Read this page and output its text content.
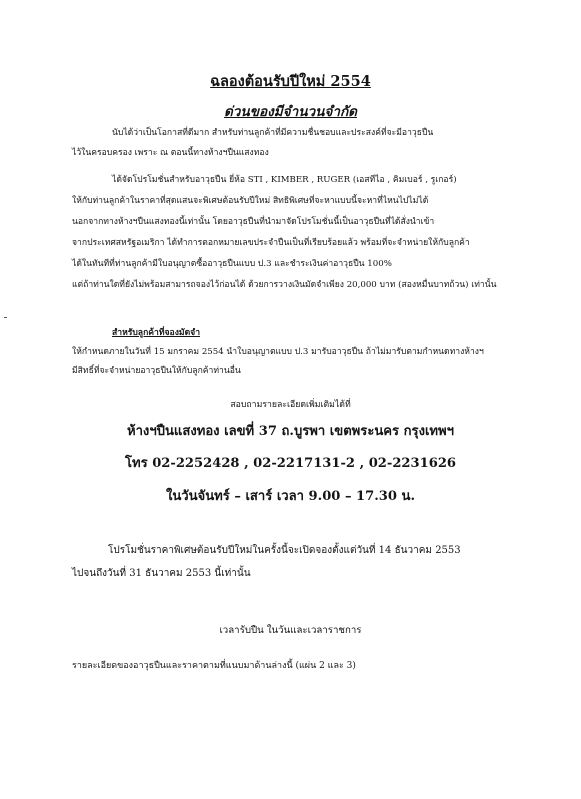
ฉลองต้อนรับปีใหม่ 2554
ด่วนของมีจำนวนจำกัด
นับได้ว่าเป็นโอกาสที่ดีมาก สำหรับท่านลูกค้าที่มีความชื่นชอบและประสงค์ที่จะมีอาวุธปืน
ไว้ในครอบครอง เพราะ ณ ตอนนี้ทางห้างฯปืนแสงทอง
ได้จัดโปรโมชั่นสำหรับอาวุธปืน ยี่ห้อ STI , KIMBER , RUGER (เอสทีไอ , คิมเบอร์ , รูเกอร์)
ให้กับท่านลูกค้าในราคาที่สุดแสนจะพิเศษต้อนรับปีใหม่ สิทธิพิเศษที่จะหาแบบนี้จะหาที่ไหนไปไม่ได้
นอกจากทางห้างฯปืนแสงทองนี้เท่านั้น โดยอาวุธปืนที่นำมาจัดโปรโมชั่นนี้เป็นอาวุธปืนที่ได้สั่งนำเข้า
จากประเทศสหรัฐอเมริกา ได้ทำการตอกหมายเลขประจำปืนเป็นที่เรียบร้อยแล้ว พร้อมที่จะจำหน่ายให้กับลูกค้า
ได้ในทันทีที่ท่านลูกค้ามีใบอนุญาตซื้ออาวุธปืนแบบ ป.3 และชำระเงินค่าอาวุธปืน 100%
แต่ถ้าท่านใดที่ยังไม่พร้อมสามารถจองไว้ก่อนได้ ด้วยการวางเงินมัดจำเพียง 20,000 บาท (สองหมื่นบาทถ้วน) เท่านั้น
สำหรับลูกค้าที่จองมัดจำ
ให้กำหนดภายในวันที่ 15 มกราคม 2554 นำใบอนุญาตแบบ ป.3 มารับอาวุธปืน ถ้าไม่มารับตามกำหนดทางห้างฯ
มีสิทธิ์ที่จะจำหน่ายอาวุธปืนให้กับลูกค้าท่านอื่น
สอบถามรายละเอียดเพิ่มเติมได้ที่
ห้างฯปืนแสงทอง เลขที่ 37 ถ.บูรพา เขตพระนคร กรุงเทพฯ
โทร 02-2252428 , 02-2217131-2 , 02-2231626
ในวันจันทร์ – เสาร์ เวลา 9.00 – 17.30 น.
โปรโมชั่นราคาพิเศษต้อนรับปีใหม่ในครั้งนี้จะเปิดจองตั้งแต่วันที่ 14 ธันวาคม 2553
ไปจนถึงวันที่ 31 ธันวาคม 2553 นี้เท่านั้น
เวลารับปืน ในวันและเวลาราชการ
รายละเอียดของอาวุธปืนและราคาตามที่แนบมาด้านล่างนี้ (แผ่น 2 และ 3)
